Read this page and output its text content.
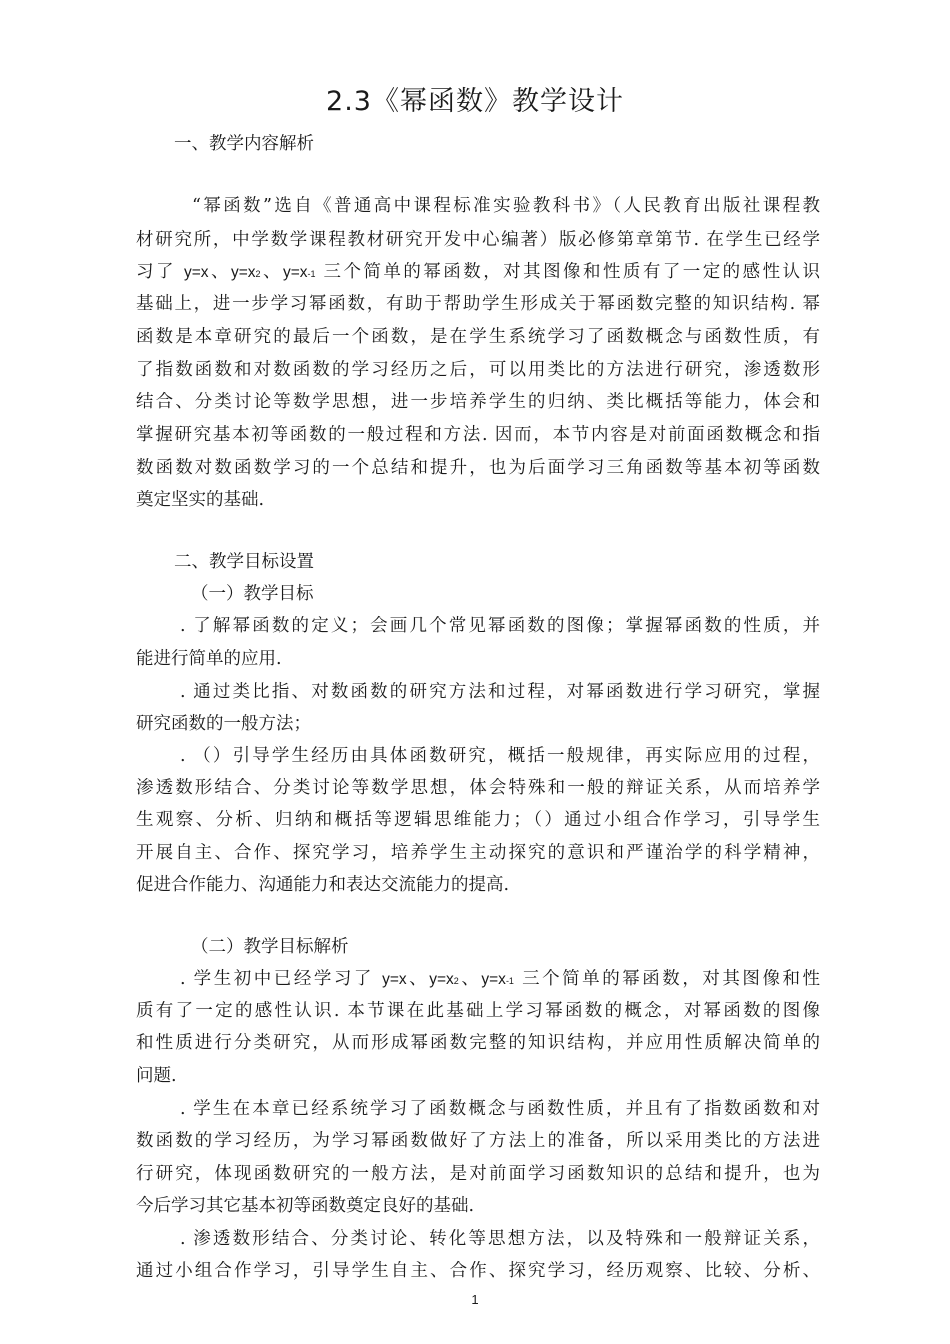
2.3《幂函数》教学设计
一、教学内容解析
“幂函数”选自《普通高中课程标准实验教科书》（人民教育出版社课程教
材研究所，中学数学课程教材研究开发中心编著）版必修第章第节. 在学生已经学
习了 y=x、y=x2、y=x-1 三个简单的幂函数，对其图像和性质有了一定的感性认识
基础上，进一步学习幂函数，有助于帮助学生形成关于幂函数完整的知识结构. 幂
函数是本章研究的最后一个函数，是在学生系统学习了函数概念与函数性质，有
了指数函数和对数函数的学习经历之后，可以用类比的方法进行研究，渗透数形
结合、分类讨论等数学思想，进一步培养学生的归纳、类比概括等能力，体会和
掌握研究基本初等函数的一般过程和方法. 因而，本节内容是对前面函数概念和指
数函数对数函数学习的一个总结和提升，也为后面学习三角函数等基本初等函数
奠定坚实的基础.
二、教学目标设置
（一）教学目标
. 了解幂函数的定义；会画几个常见幂函数的图像；掌握幂函数的性质，并
能进行简单的应用.
. 通过类比指、对数函数的研究方法和过程，对幂函数进行学习研究，掌握
研究函数的一般方法；
. （）引导学生经历由具体函数研究，概括一般规律，再实际应用的过程，
渗透数形结合、分类讨论等数学思想，体会特殊和一般的辩证关系，从而培养学
生观察、分析、归纳和概括等逻辑思维能力；（）通过小组合作学习，引导学生
开展自主、合作、探究学习，培养学生主动探究的意识和严谨治学的科学精神，
促进合作能力、沟通能力和表达交流能力的提高.
（二）教学目标解析
. 学生初中已经学习了 y=x、y=x2、y=x-1 三个简单的幂函数，对其图像和性
质有了一定的感性认识. 本节课在此基础上学习幂函数的概念，对幂函数的图像
和性质进行分类研究，从而形成幂函数完整的知识结构，并应用性质解决简单的
问题.
. 学生在本章已经系统学习了函数概念与函数性质，并且有了指数函数和对
数函数的学习经历，为学习幂函数做好了方法上的准备，所以采用类比的方法进
行研究，体现函数研究的一般方法，是对前面学习函数知识的总结和提升，也为
今后学习其它基本初等函数奠定良好的基础.
. 渗透数形结合、分类讨论、转化等思想方法，以及特殊和一般辩证关系，
通过小组合作学习，引导学生自主、合作、探究学习，经历观察、比较、分析、
1
